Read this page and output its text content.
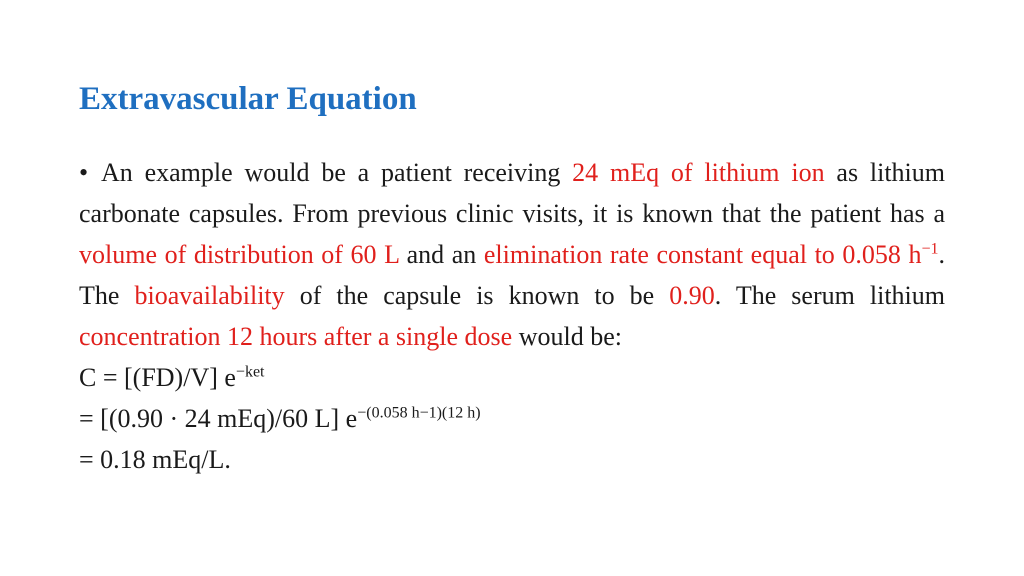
Extravascular Equation
• An example would be a patient receiving 24 mEq of lithium ion as lithium carbonate capsules. From previous clinic visits, it is known that the patient has a volume of distribution of 60 L and an elimination rate constant equal to 0.058 $h^{-1}$. The bioavailability of the capsule is known to be 0.90. The serum lithium concentration 12 hours after a single dose would be:
C = [(FD)/V] $e^{-ket}$
= [(0.90 · 24 mEq)/60 L] $e^{-(0.058 h-1)(12 h)}$
= 0.18 mEq/L.
